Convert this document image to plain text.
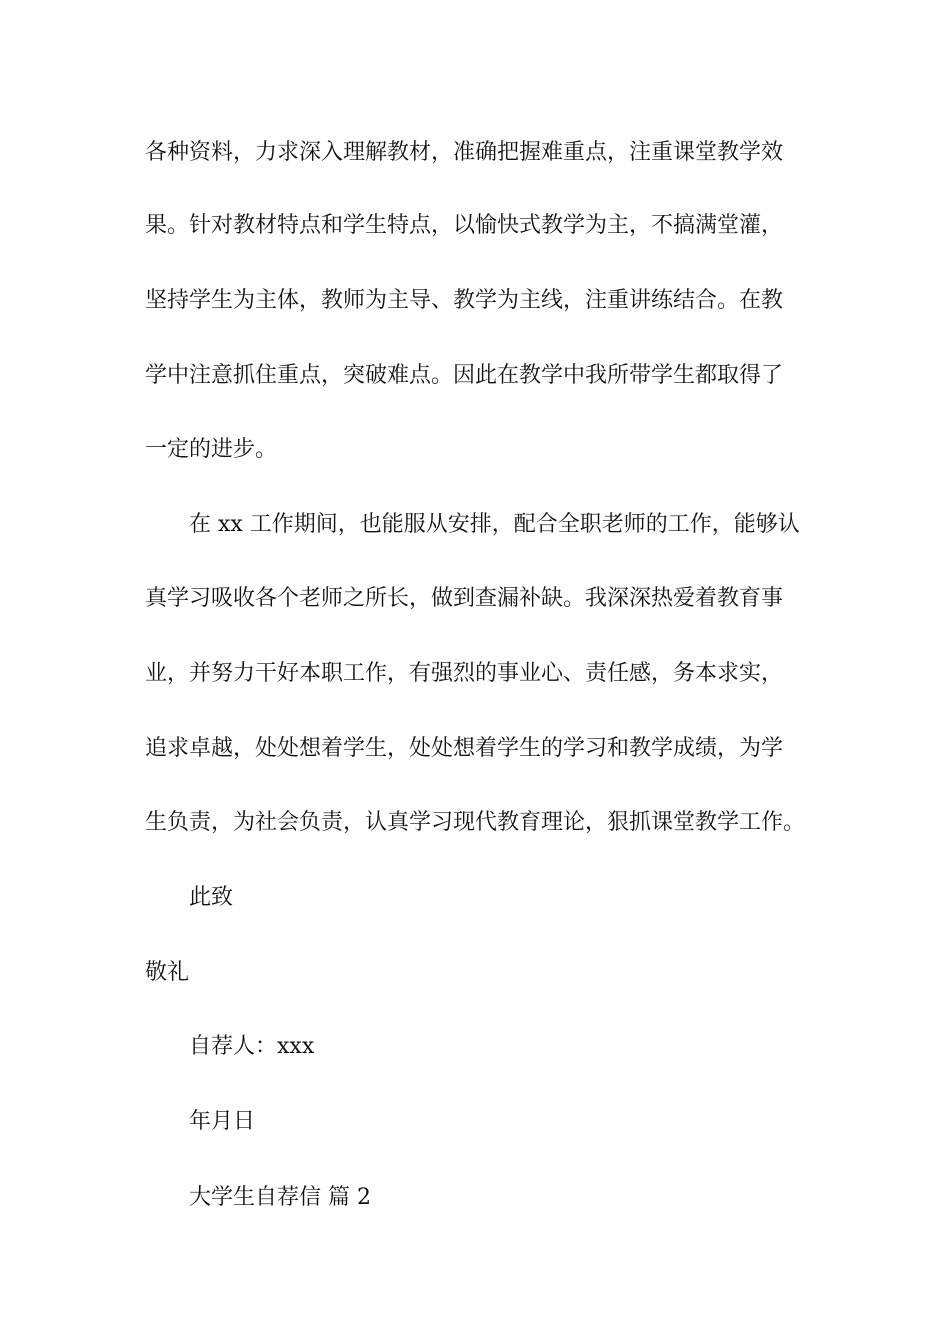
各种资料，力求深入理解教材，准确把握难重点，注重课堂教学效
果。针对教材特点和学生特点，以愉快式教学为主，不搞满堂灌，
坚持学生为主体，教师为主导、教学为主线，注重讲练结合。在教
学中注意抓住重点，突破难点。因此在教学中我所带学生都取得了
一定的进步。
在 xx 工作期间，也能服从安排，配合全职老师的工作，能够认
真学习吸收各个老师之所长，做到查漏补缺。我深深热爱着教育事
业，并努力干好本职工作，有强烈的事业心、责任感，务本求实，
追求卓越，处处想着学生，处处想着学生的学习和教学成绩，为学
生负责，为社会负责，认真学习现代教育理论，狠抓课堂教学工作。
此致
敬礼
自荐人：xxx
年月日
大学生自荐信 篇 2
